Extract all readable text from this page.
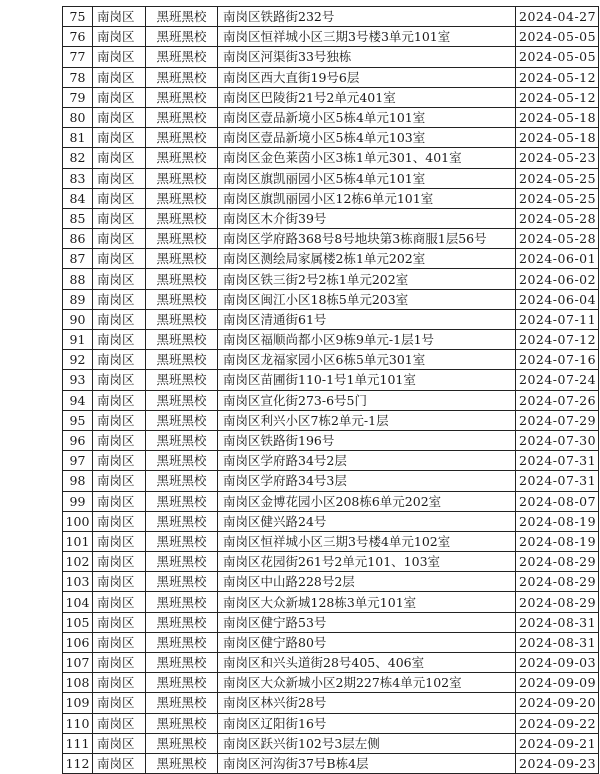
75	南岗区	黑班黑校	南岗区铁路街232号	2024-04-27
76	南岗区	黑班黑校	南岗区恒祥城小区三期3号楼3单元101室	2024-05-05
77	南岗区	黑班黑校	南岗区河渠街33号独栋	2024-05-05
78	南岗区	黑班黑校	南岗区西大直街19号6层	2024-05-12
79	南岗区	黑班黑校	南岗区巴陵街21号2单元401室	2024-05-12
80	南岗区	黑班黑校	南岗区壹品新境小区5栋4单元101室	2024-05-18
81	南岗区	黑班黑校	南岗区壹品新境小区5栋4单元103室	2024-05-18
82	南岗区	黑班黑校	南岗区金色莱茵小区3栋1单元301、401室	2024-05-23
83	南岗区	黑班黑校	南岗区旗凯丽园小区5栋4单元101室	2024-05-25
84	南岗区	黑班黑校	南岗区旗凯丽园小区12栋6单元101室	2024-05-25
85	南岗区	黑班黑校	南岗区木介街39号	2024-05-28
86	南岗区	黑班黑校	南岗区学府路368号8号地块第3栋商服1层56号	2024-05-28
87	南岗区	黑班黑校	南岗区测绘局家属楼2栋1单元202室	2024-06-01
88	南岗区	黑班黑校	南岗区铁三街2号2栋1单元202室	2024-06-02
89	南岗区	黑班黑校	南岗区闽江小区18栋5单元203室	2024-06-04
90	南岗区	黑班黑校	南岗区清通街61号	2024-07-11
91	南岗区	黑班黑校	南岗区福顺尚都小区9栋9单元-1层1号	2024-07-12
92	南岗区	黑班黑校	南岗区龙福家园小区6栋5单元301室	2024-07-16
93	南岗区	黑班黑校	南岗区苗圃街110-1号1单元101室	2024-07-24
94	南岗区	黑班黑校	南岗区宣化街273-6号5门	2024-07-26
95	南岗区	黑班黑校	南岗区利兴小区7栋2单元-1层	2024-07-29
96	南岗区	黑班黑校	南岗区铁路街196号	2024-07-30
97	南岗区	黑班黑校	南岗区学府路34号2层	2024-07-31
98	南岗区	黑班黑校	南岗区学府路34号3层	2024-07-31
99	南岗区	黑班黑校	南岗区金博花园小区208栋6单元202室	2024-08-07
100	南岗区	黑班黑校	南岗区健兴路24号	2024-08-19
101	南岗区	黑班黑校	南岗区恒祥城小区三期3号楼4单元102室	2024-08-19
102	南岗区	黑班黑校	南岗区花园街261号2单元101、103室	2024-08-29
103	南岗区	黑班黑校	南岗区中山路228号2层	2024-08-29
104	南岗区	黑班黑校	南岗区大众新城128栋3单元101室	2024-08-29
105	南岗区	黑班黑校	南岗区健宁路53号	2024-08-31
106	南岗区	黑班黑校	南岗区健宁路80号	2024-08-31
107	南岗区	黑班黑校	南岗区和兴头道街28号405、406室	2024-09-03
108	南岗区	黑班黑校	南岗区大众新城小区2期227栋4单元102室	2024-09-09
109	南岗区	黑班黑校	南岗区林兴街28号	2024-09-20
110	南岗区	黑班黑校	南岗区辽阳街16号	2024-09-22
111	南岗区	黑班黑校	南岗区跃兴街102号3层左侧	2024-09-21
112	南岗区	黑班黑校	南岗区河沟街37号B栋4层	2024-09-23
